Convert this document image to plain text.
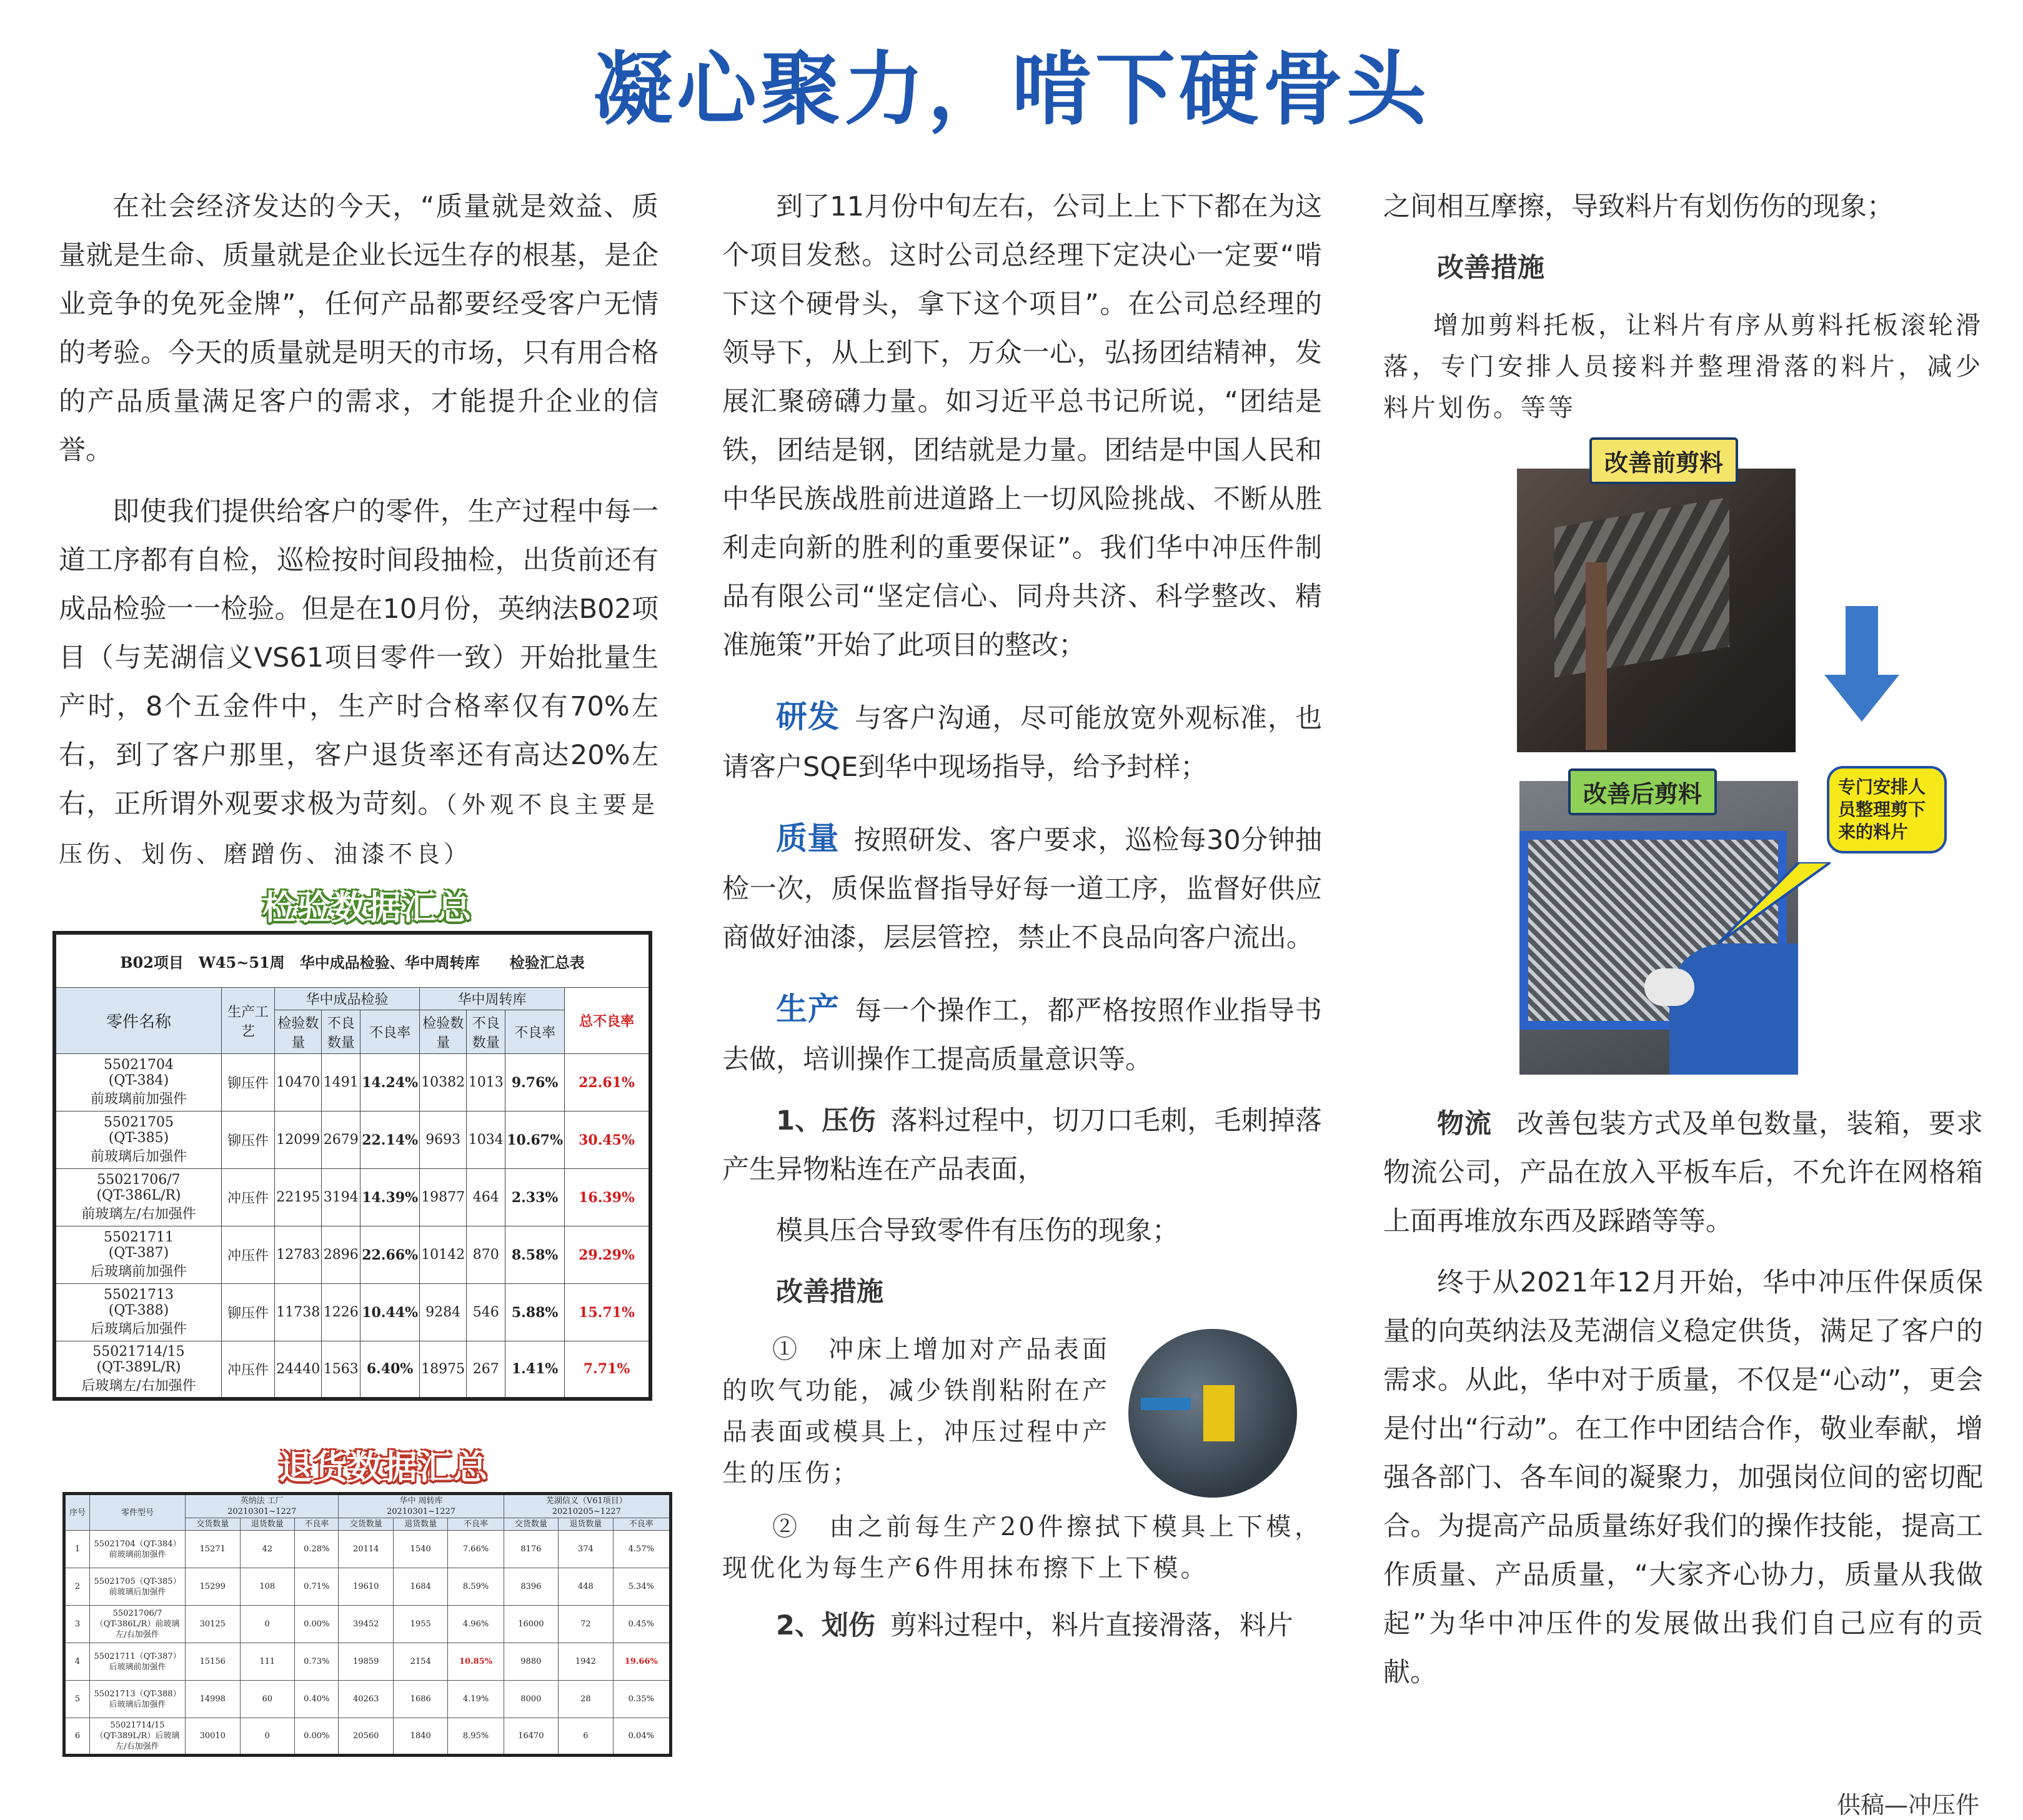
凝心聚力，啃下硬骨头

在社会经济发达的今天，“质量就是效益、质量就是生命、质量就是企业长远生存的根基，是企业竞争的免死金牌”，任何产品都要经受客户无情的考验。今天的质量就是明天的市场，只有用合格的产品质量满足客户的需求，才能提升企业的信誉。

即使我们提供给客户的零件，生产过程中每一道工序都有自检，巡检按时间段抽检，出货前还有成品检验一一检验。但是在10月份，英纳法B02项目（与芜湖信义VS61项目零件一致）开始批量生产时，8个五金件中，生产时合格率仅有70%左右，到了客户那里，客户退货率还有高达20%左右，正所谓外观要求极为苛刻。（外观不良主要是压伤、划伤、磨蹭伤、油漆不良）

检验数据汇总
B02项目　W45~51周　华中成品检验、华中周转库　　检验汇总表								
零件名称	生产工艺	华中成品检验			华中周转库			总不良率
		检验数量	不良数量	不良率	检验数量	不良数量	不良率	

55021704
(QT-384)
前玻璃前加强件	铆压件	10470	1491	14.24%	10382	1013	9.76%	22.61%

55021705
(QT-385)
前玻璃后加强件	铆压件	12099	2679	22.14%	9693	1034	10.67%	30.45%

55021706/7
(QT-386L/R)
前玻璃左/右加强件	冲压件	22195	3194	14.39%	19877	464	2.33%	16.39%

55021711
(QT-387)
后玻璃前加强件	冲压件	12783	2896	22.66%	10142	870	8.58%	29.29%

55021713
(QT-388)
后玻璃后加强件	铆压件	11738	1226	10.44%	9284	546	5.88%	15.71%

55021714/15
(QT-389L/R)
后玻璃左/右加强件	冲压件	24440	1563	6.40%	18975	267	1.41%	7.71%
退货数据汇总
序号	零件型号	英纳法 工厂
20210301~1227			华中 周转库
20210301~1227			芜湖信义（V61项目）
20210205~1227		
		交货数量	退货数量	不良率	交货数量	退货数量	不良率	交货数量	退货数量	不良率
1	55021704（QT-384）
前玻璃前加强件	15271	42	0.28%	20114	1540	7.66%	8176	374	4.57%
2	55021705（QT-385）
前玻璃后加强件	15299	108	0.71%	19610	1684	8.59%	8396	448	5.34%
3	55021706/7
（QT-386L/R）前玻璃左/右加强件	30125	0	0.00%	39452	1955	4.96%	16000	72	0.45%
4	55021711（QT-387）
后玻璃前加强件	15156	111	0.73%	19859	2154	10.85%	9880	1942	19.66%
5	55021713（QT-388）
后玻璃后加强件	14998	60	0.40%	40263	1686	4.19%	8000	28	0.35%
6	55021714/15
（QT-389L/R）后玻璃左/右加强件	30010	0	0.00%	20560	1840	8.95%	16470	6	0.04%

到了11月份中旬左右，公司上上下下都在为这个项目发愁。这时公司总经理下定决心一定要“啃下这个硬骨头，拿下这个项目”。在公司总经理的领导下，从上到下，万众一心，弘扬团结精神，发展汇聚磅礴力量。如习近平总书记所说，“团结是铁，团结是钢，团结就是力量。团结是中国人民和中华民族战胜前进道路上一切风险挑战、不断从胜利走向新的胜利的重要保证”。我们华中冲压件制品有限公司“坚定信心、同舟共济、科学整改、精准施策”开始了此项目的整改；

研发 与客户沟通，尽可能放宽外观标准，也请客户SQE到华中现场指导，给予封样；

质量 按照研发、客户要求，巡检每30分钟抽检一次，质保监督指导好每一道工序，监督好供应商做好油漆，层层管控，禁止不良品向客户流出。

生产 每一个操作工，都严格按照作业指导书去做，培训操作工提高质量意识等。

1、压伤 落料过程中，切刀口毛刺，毛刺掉落产生异物粘连在产品表面，

模具压合导致零件有压伤的现象；

改善措施

①　冲床上增加对产品表面的吹气功能，减少铁削粘附在产品表面或模具上，冲压过程中产生的压伤；

②　由之前每生产20件擦拭下模具上下模，现优化为每生产6件用抹布擦下上下模。

2、划伤 剪料过程中，料片直接滑落，料片

之间相互摩擦，导致料片有划伤伤的现象；

改善措施

增加剪料托板，让料片有序从剪料托板滚轮滑落，专门安排人员接料并整理滑落的料片，减少料片划伤。等等

改善前剪料
改善后剪料	专门安排人员整理剪下来的料片

物流 改善包装方式及单包数量，装箱，要求物流公司，产品在放入平板车后，不允许在网格箱上面再堆放东西及踩踏等等。

终于从2021年12月开始，华中冲压件保质保量的向英纳法及芜湖信义稳定供货，满足了客户的需求。从此，华中对于质量，不仅是“心动”，更会是付出“行动”。在工作中团结合作，敬业奉献，增强各部门、各车间的凝聚力，加强岗位间的密切配合。为提高产品质量练好我们的操作技能，提高工作质量、产品质量，“大家齐心协力，质量从我做起”为华中冲压件的发展做出我们自己应有的贡献。

供稿—冲压件
